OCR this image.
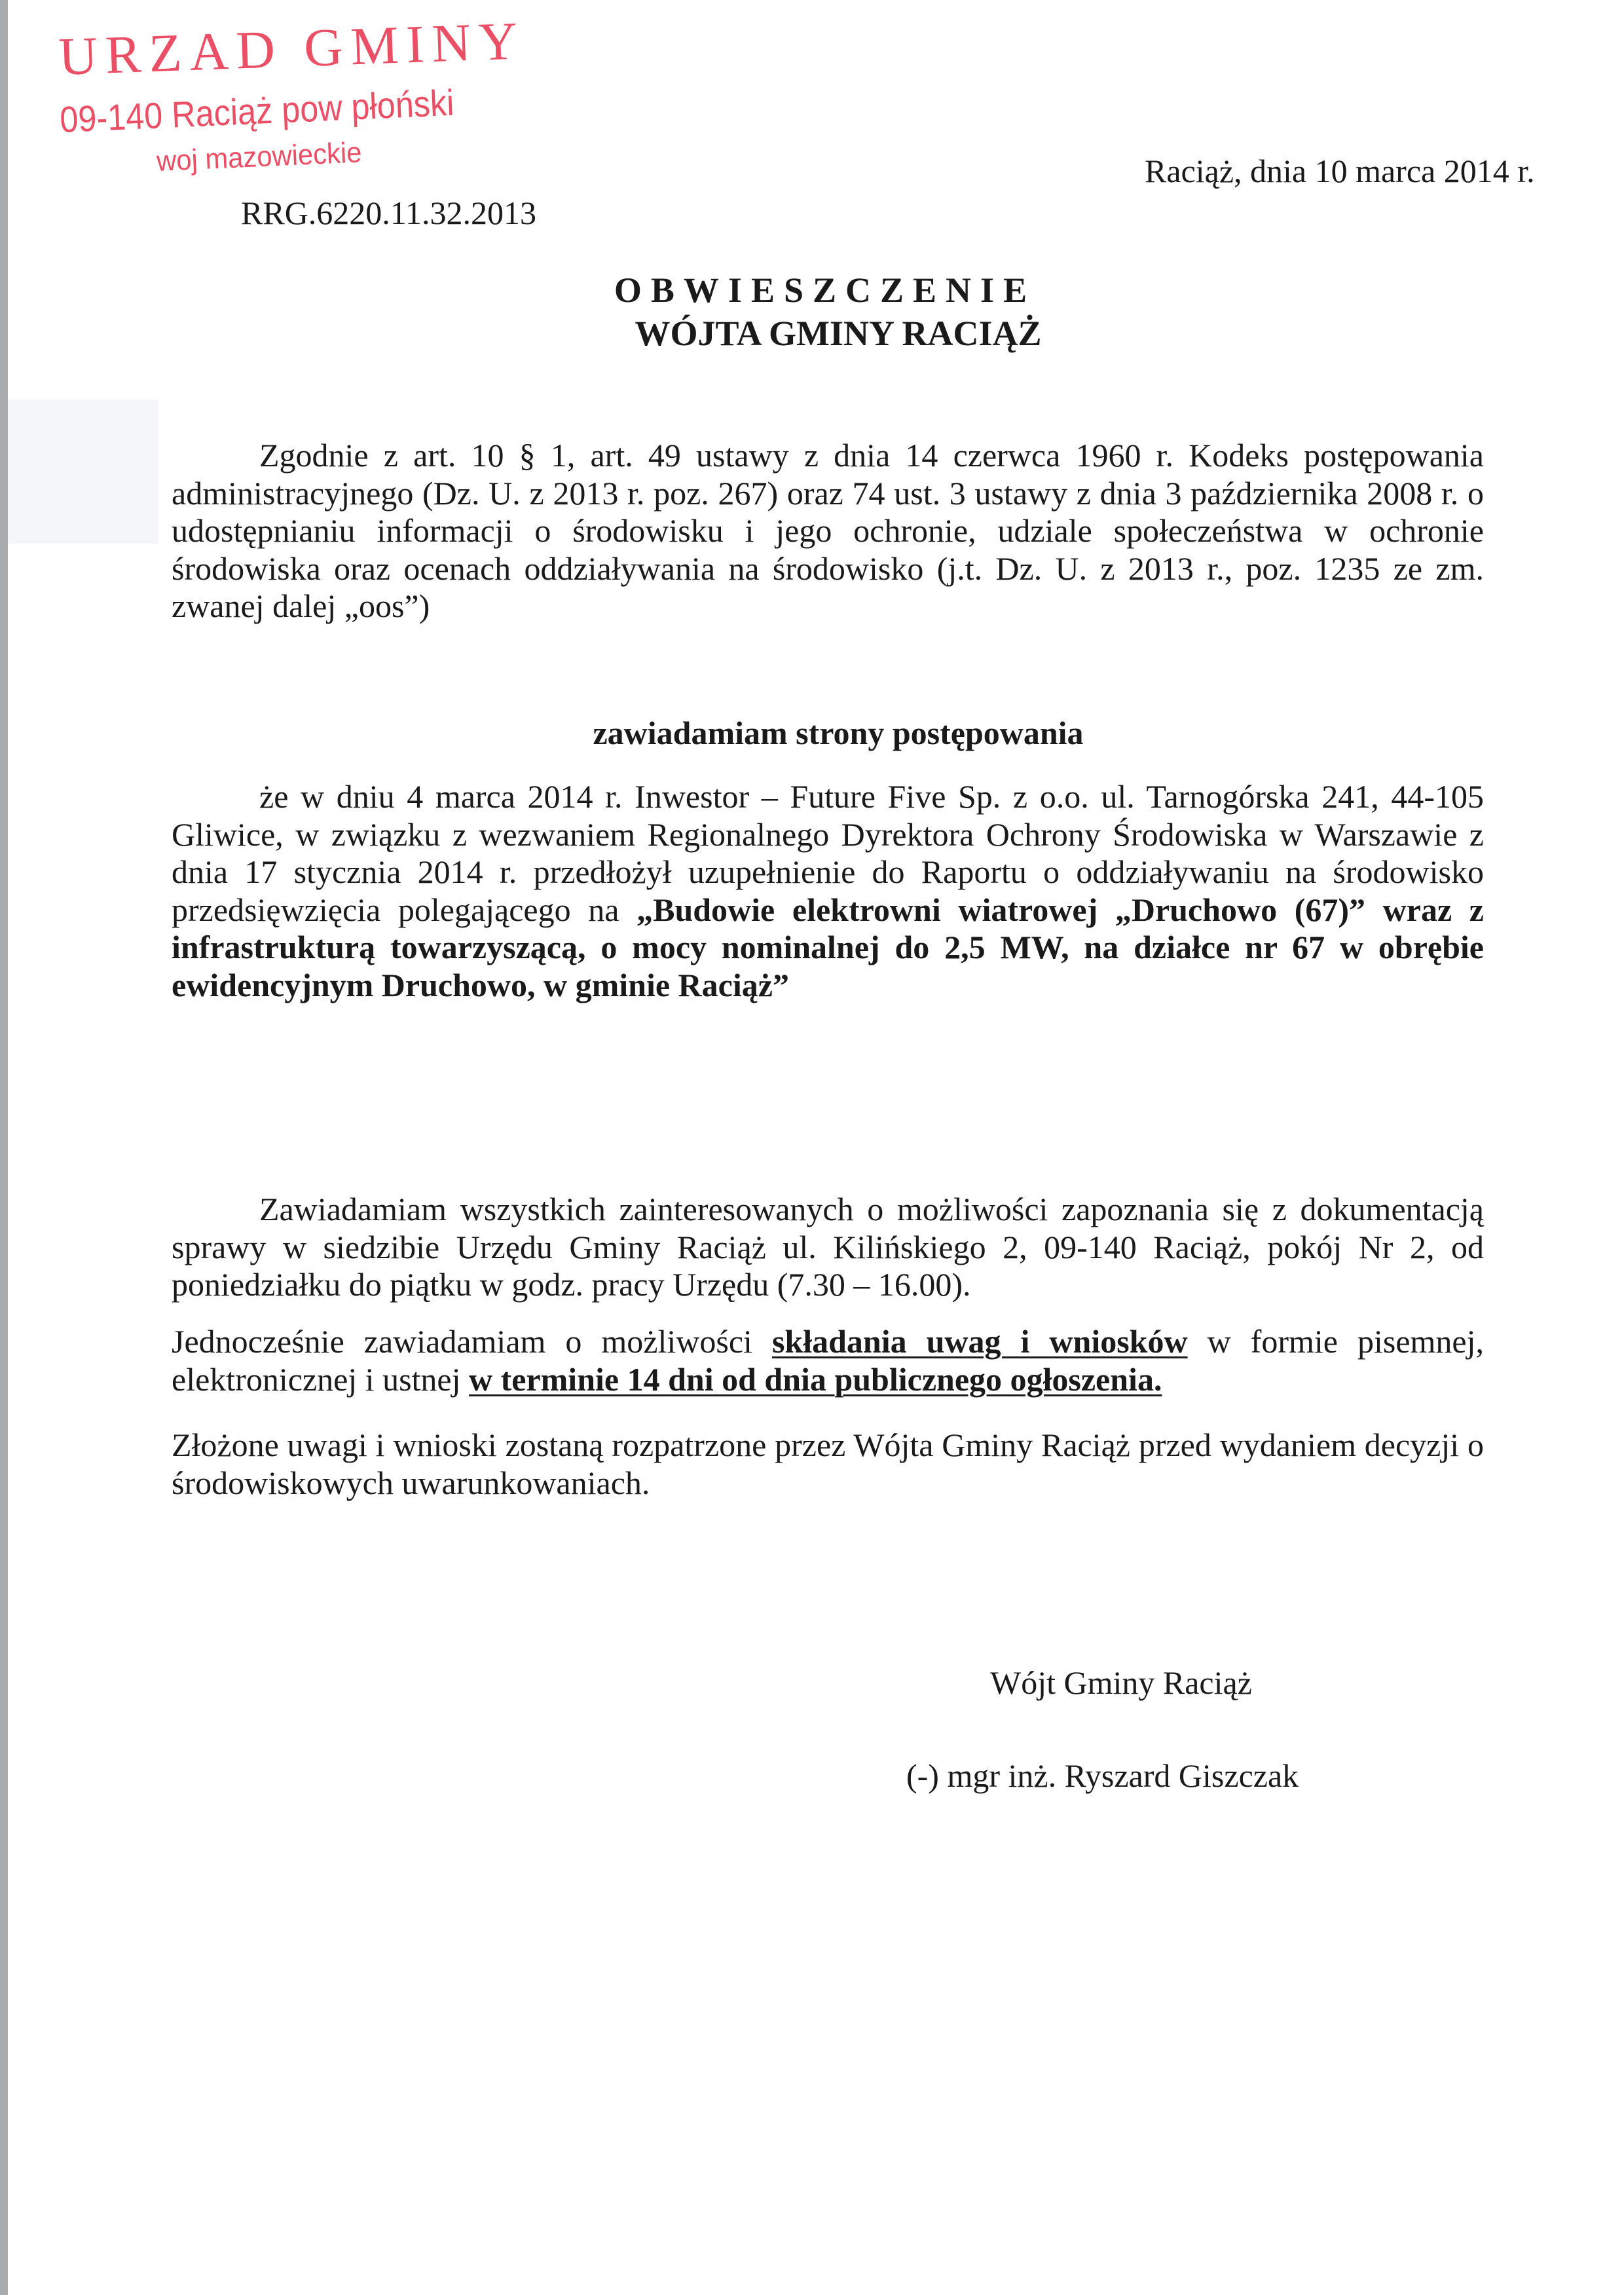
URZAD GMINY
09-140 Raciąż pow płoński
woj mazowieckie	Raciąż, dnia 10 marca 2014 r.
RRG.6220.11.32.2013
OBWIESZCZENIE
WÓJTA GMINY RACIĄŻ
Zgodnie z art. 10 § 1, art. 49 ustawy z dnia 14 czerwca 1960 r. Kodeks postępowania administracyjnego (Dz. U. z 2013 r. poz. 267) oraz 74 ust. 3 ustawy z dnia 3 października 2008 r. o udostępnianiu informacji o środowisku i jego ochronie, udziale społeczeństwa w ochronie środowiska oraz ocenach oddziaływania na środowisko (j.t. Dz. U. z 2013 r., poz. 1235 ze zm. zwanej dalej „oos”)
zawiadamiam strony postępowania
że w dniu 4 marca 2014 r. Inwestor – Future Five Sp. z o.o. ul. Tarnogórska 241, 44-105 Gliwice, w związku z wezwaniem Regionalnego Dyrektora Ochrony Środowiska w Warszawie z dnia 17 stycznia 2014 r. przedłożył uzupełnienie do Raportu o oddziaływaniu na środowisko przedsięwzięcia polegającego na „Budowie elektrowni wiatrowej „Druchowo (67)” wraz z infrastrukturą towarzyszącą, o mocy nominalnej do 2,5 MW, na działce nr 67 w obrębie ewidencyjnym Druchowo, w gminie Raciąż”
Zawiadamiam wszystkich zainteresowanych o możliwości zapoznania się z dokumentacją sprawy w siedzibie Urzędu Gminy Raciąż ul. Kilińskiego 2, 09-140 Raciąż, pokój Nr 2, od poniedziałku do piątku w godz. pracy Urzędu (7.30 – 16.00).
Jednocześnie zawiadamiam o możliwości składania uwag i wniosków w formie pisemnej, elektronicznej i ustnej w terminie 14 dni od dnia publicznego ogłoszenia.
Złożone uwagi i wnioski zostaną rozpatrzone przez Wójta Gminy Raciąż przed wydaniem decyzji o środowiskowych uwarunkowaniach.
Wójt Gminy Raciąż
(-) mgr inż. Ryszard Giszczak
